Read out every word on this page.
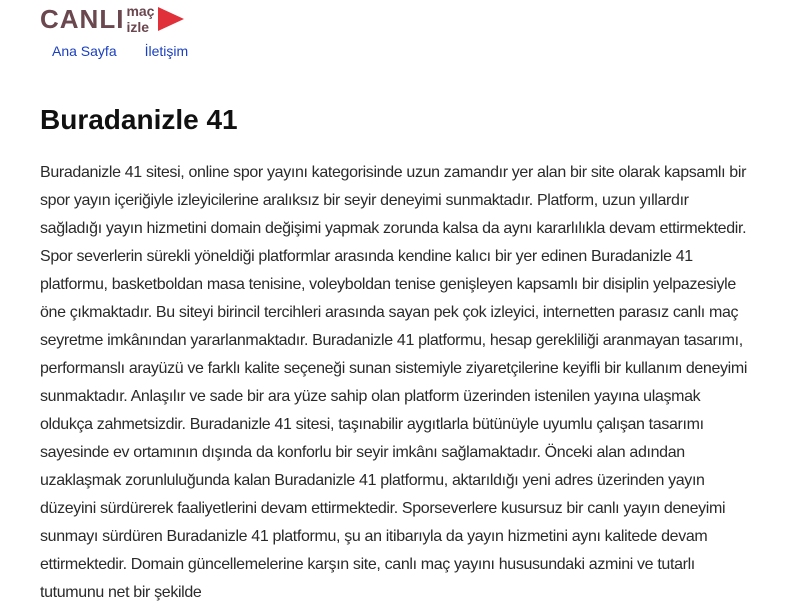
CANLI maç izle
Ana Sayfa İletişim
Buradanizle 41

Buradanizle 41 sitesi, online spor yayını kategorisinde uzun zamandır yer alan bir site olarak kapsamlı bir spor yayın içeriğiyle izleyicilerine aralıksız bir seyir deneyimi sunmaktadır. Platform, uzun yıllardır sağladığı yayın hizmetini domain değişimi yapmak zorunda kalsa da aynı kararlılıkla devam ettirmektedir. Spor severlerin sürekli yöneldiği platformlar arasında kendine kalıcı bir yer edinen Buradanizle 41 platformu, basketboldan masa tenisine, voleyboldan tenise genişleyen kapsamlı bir disiplin yelpazesiyle öne çıkmaktadır. Bu siteyi birincil tercihleri arasında sayan pek çok izleyici, internetten parasız canlı maç seyretme imkânından yararlanmaktadır. Buradanizle 41 platformu, hesap gerekliliği aranmayan tasarımı, performanslı arayüzü ve farklı kalite seçeneği sunan sistemiyle ziyaretçilerine keyifli bir kullanım deneyimi sunmaktadır. Anlaşılır ve sade bir ara yüze sahip olan platform üzerinden istenilen yayına ulaşmak oldukça zahmetsizdir. Buradanizle 41 sitesi, taşınabilir aygıtlarla bütünüyle uyumlu çalışan tasarımı sayesinde ev ortamının dışında da konforlu bir seyir imkânı sağlamaktadır. Önceki alan adından uzaklaşmak zorunluluğunda kalan Buradanizle 41 platformu, aktarıldığı yeni adres üzerinden yayın düzeyini sürdürerek faaliyetlerini devam ettirmektedir. Sporseverlere kusursuz bir canlı yayın deneyimi sunmayı sürdüren Buradanizle 41 platformu, şu an itibarıyla da yayın hizmetini aynı kalitede devam ettirmektedir. Domain güncellemelerine karşın site, canlı maç yayını hususundaki azmini ve tutarlı tutumunu net bir şekilde
